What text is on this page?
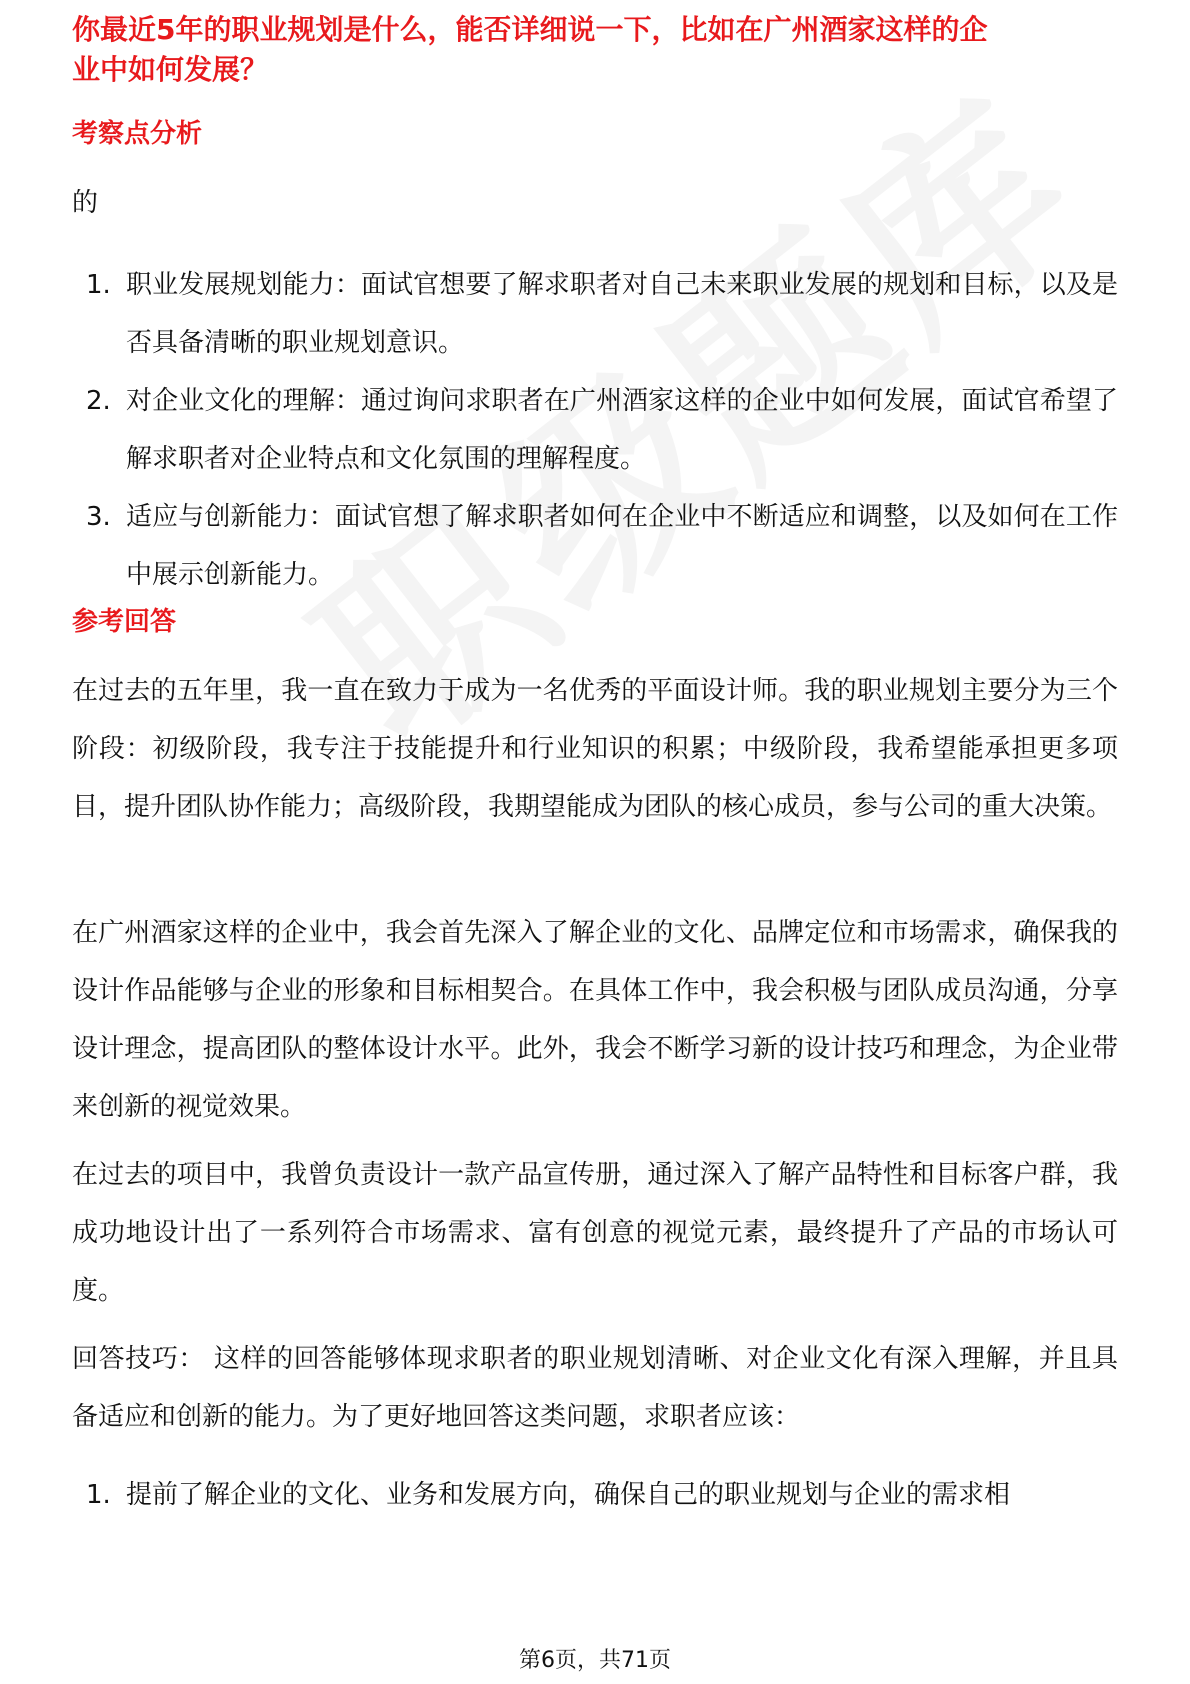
你最近5年的职业规划是什么，能否详细说一下，比如在广州酒家这样的企
业中如何发展？
考察点分析
的
1. 职业发展规划能力：面试官想要了解求职者对自己未来职业发展的规划和目标，以及是否具备清晰的职业规划意识。
2. 对企业文化的理解：通过询问求职者在广州酒家这样的企业中如何发展，面试官希望了解求职者对企业特点和文化氛围的理解程度。
3. 适应与创新能力：面试官想了解求职者如何在企业中不断适应和调整，以及如何在工作中展示创新能力。
参考回答
在过去的五年里，我一直在致力于成为一名优秀的平面设计师。我的职业规划主要分为三个阶段：初级阶段，我专注于技能提升和行业知识的积累；中级阶段，我希望能承担更多项目，提升团队协作能力；高级阶段，我期望能成为团队的核心成员，参与公司的重大决策。
在广州酒家这样的企业中，我会首先深入了解企业的文化、品牌定位和市场需求，确保我的设计作品能够与企业的形象和目标相契合。在具体工作中，我会积极与团队成员沟通，分享设计理念，提高团队的整体设计水平。此外，我会不断学习新的设计技巧和理念，为企业带来创新的视觉效果。
在过去的项目中，我曾负责设计一款产品宣传册，通过深入了解产品特性和目标客户群，我成功地设计出了一系列符合市场需求、富有创意的视觉元素，最终提升了产品的市场认可度。
回答技巧： 这样的回答能够体现求职者的职业规划清晰、对企业文化有深入理解，并且具备适应和创新的能力。为了更好地回答这类问题，求职者应该：
1. 提前了解企业的文化、业务和发展方向，确保自己的职业规划与企业的需求相
第6页，共71页
